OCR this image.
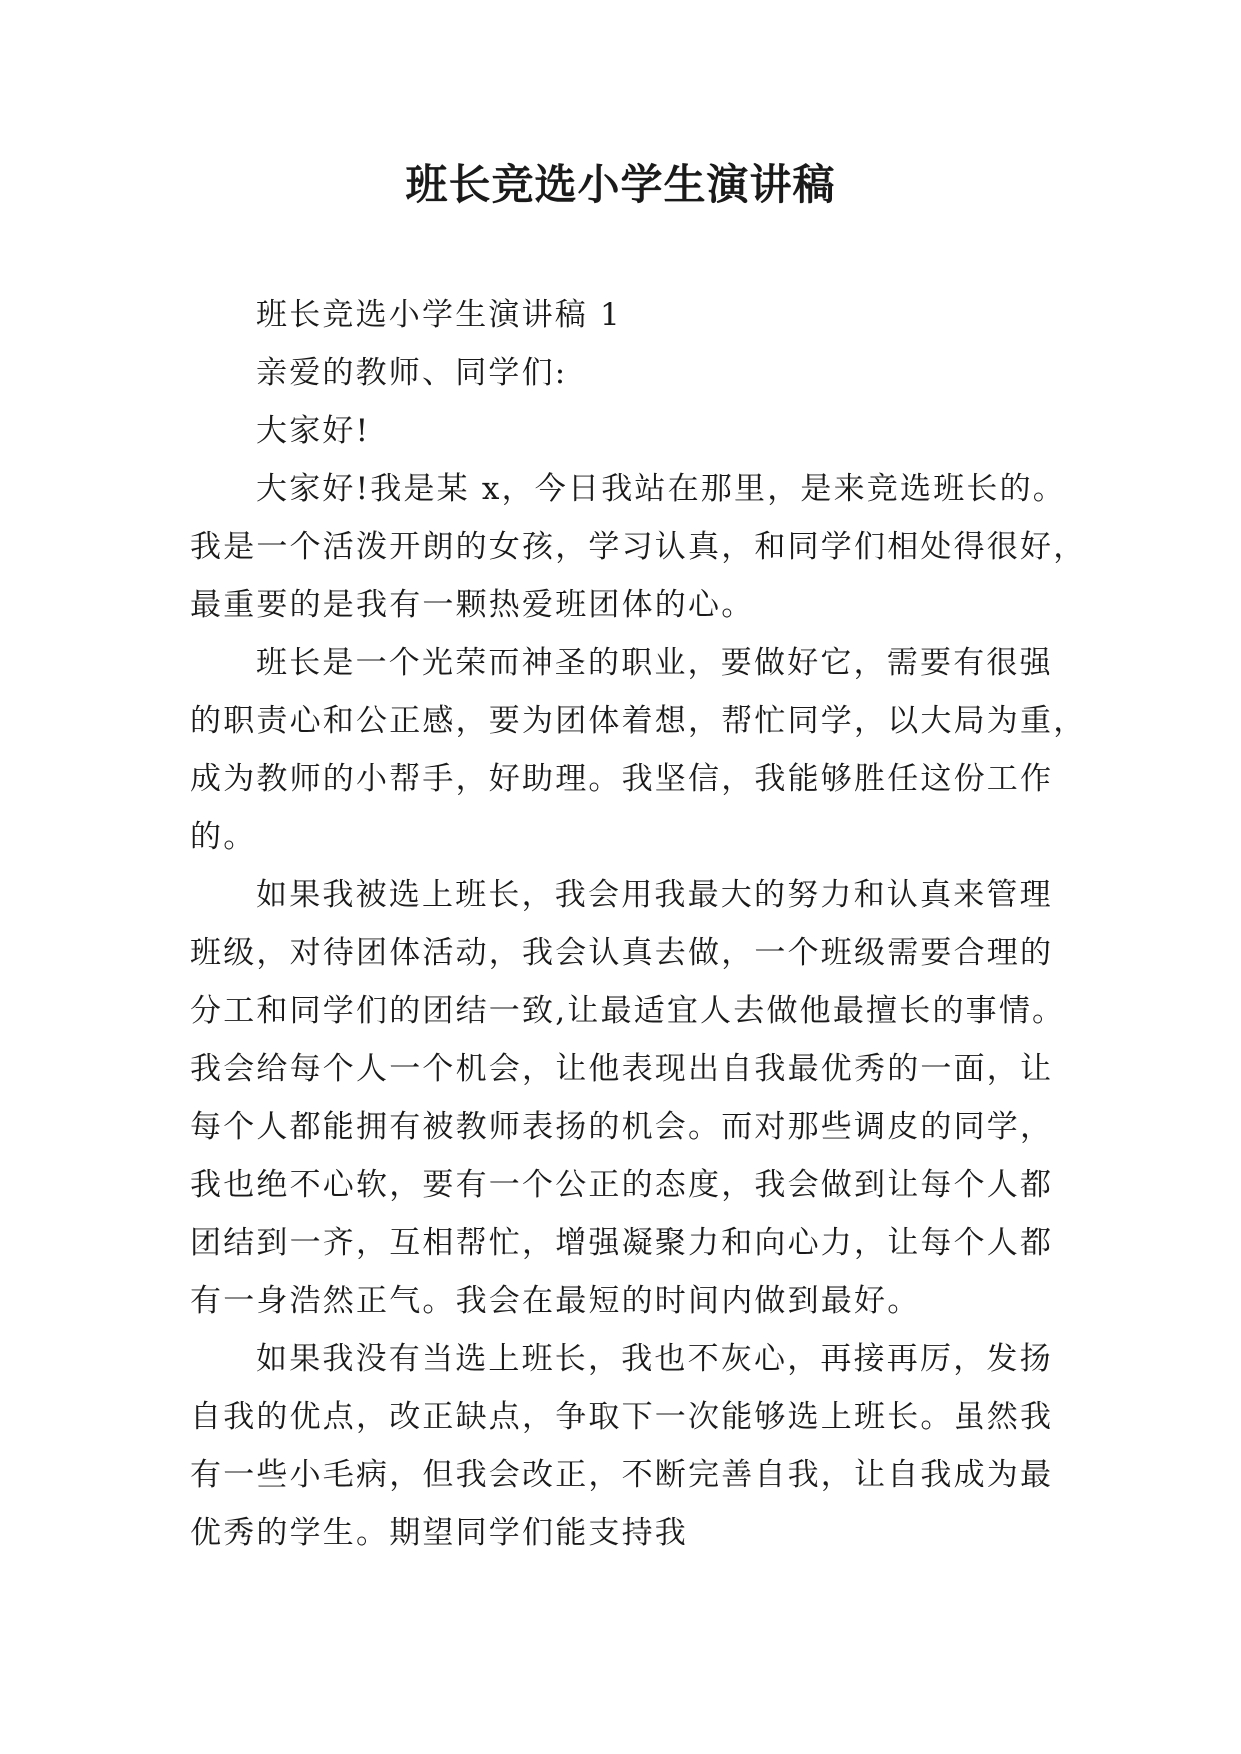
班长竞选小学生演讲稿
班长竞选小学生演讲稿 1
亲爱的教师、同学们:
大家好!
大家好!我是某 x，今日我站在那里，是来竞选班长的。
我是一个活泼开朗的女孩，学习认真，和同学们相处得很好，
最重要的是我有一颗热爱班团体的心。
班长是一个光荣而神圣的职业，要做好它，需要有很强
的职责心和公正感，要为团体着想，帮忙同学，以大局为重，
成为教师的小帮手，好助理。我坚信，我能够胜任这份工作
的。
如果我被选上班长，我会用我最大的努力和认真来管理
班级，对待团体活动，我会认真去做，一个班级需要合理的
分工和同学们的团结一致,让最适宜人去做他最擅长的事情。
我会给每个人一个机会，让他表现出自我最优秀的一面，让
每个人都能拥有被教师表扬的机会。而对那些调皮的同学，
我也绝不心软，要有一个公正的态度，我会做到让每个人都
团结到一齐，互相帮忙，增强凝聚力和向心力，让每个人都
有一身浩然正气。我会在最短的时间内做到最好。
如果我没有当选上班长，我也不灰心，再接再厉，发扬
自我的优点，改正缺点，争取下一次能够选上班长。虽然我
有一些小毛病，但我会改正，不断完善自我，让自我成为最
优秀的学生。期望同学们能支持我
